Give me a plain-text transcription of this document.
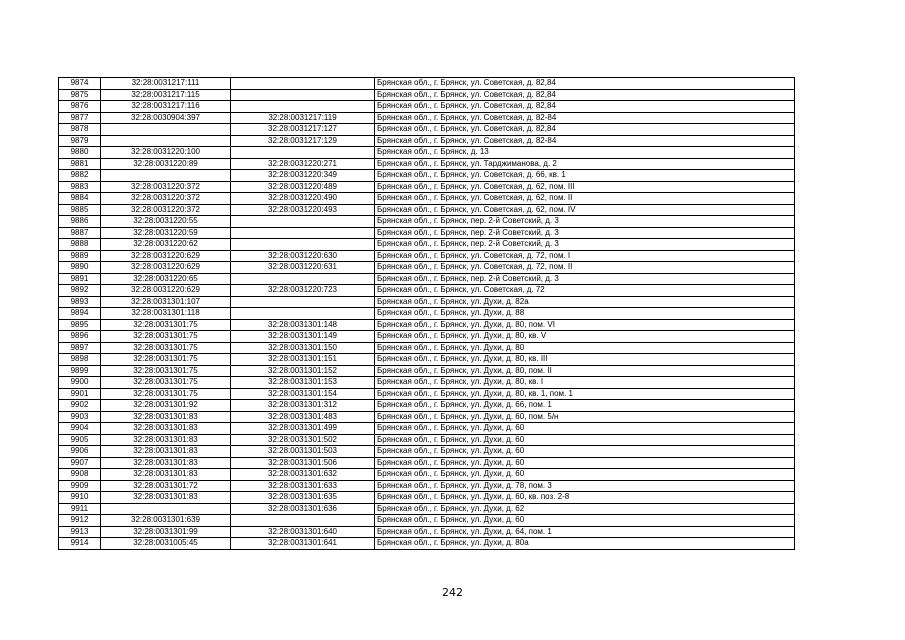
9874	32:28:0031217:111		Брянская обл., г. Брянск, ул. Советская, д. 82,84
9875	32:28:0031217:115		Брянская обл., г. Брянск, ул. Советская, д. 82,84
9876	32:28:0031217:116		Брянская обл., г. Брянск, ул. Советская, д. 82,84
9877	32:28:0030904:397	32:28:0031217:119	Брянская обл., г. Брянск, ул. Советская, д. 82-84
9878		32:28:0031217:127	Брянская обл., г. Брянск, ул. Советская, д. 82,84
9879		32:28:0031217:129	Брянская обл., г. Брянск, ул. Советская, д. 82-84
9880	32:28:0031220:100		Брянская обл., г. Брянск, д. 13
9881	32:28:0031220:89	32:28:0031220:271	Брянская обл., г. Брянск, ул. Тарджиманова, д. 2
9882		32:28:0031220:349	Брянская обл., г. Брянск, ул. Советская, д. 66, кв. 1
9883	32:28:0031220:372	32:28:0031220:489	Брянская обл., г. Брянск, ул. Советская, д. 62, пом. III
9884	32:28:0031220:372	32:28:0031220:490	Брянская обл., г. Брянск, ул. Советская, д. 62, пом. II
9885	32:28:0031220:372	32:28:0031220:493	Брянская обл., г. Брянск, ул. Советская, д. 62, пом. IV
9886	32:28:0031220:55		Брянская обл., г. Брянск, пер. 2-й Советский, д. 3
9887	32:28:0031220:59		Брянская обл., г. Брянск, пер. 2-й Советский, д. 3
9888	32:28:0031220:62		Брянская обл., г. Брянск, пер. 2-й Советский, д. 3
9889	32:28:0031220:629	32:28:0031220:630	Брянская обл., г. Брянск, ул. Советская, д. 72, пом. I
9890	32:28:0031220:629	32:28:0031220:631	Брянская обл., г. Брянск, ул. Советская, д. 72, пом. II
9891	32:28:0031220:65		Брянская обл., г. Брянск, пер. 2-й Советский, д. 3
9892	32:28:0031220:629	32:28:0031220:723	Брянская обл., г. Брянск, ул. Советская, д. 72
9893	32:28:0031301:107		Брянская обл., г. Брянск, ул. Духи, д. 82а
9894	32:28:0031301:118		Брянская обл., г. Брянск, ул. Духи, д. 88
9895	32:28:0031301:75	32:28:0031301:148	Брянская обл., г. Брянск, ул. Духи, д. 80, пом. VI
9896	32:28:0031301:75	32:28:0031301:149	Брянская обл., г. Брянск, ул. Духи, д. 80, кв. V
9897	32:28:0031301:75	32:28:0031301:150	Брянская обл., г. Брянск, ул. Духи, д. 80
9898	32:28:0031301:75	32:28:0031301:151	Брянская обл., г. Брянск, ул. Духи, д. 80, кв. III
9899	32:28:0031301:75	32:28:0031301:152	Брянская обл., г. Брянск, ул. Духи, д. 80, пом. II
9900	32:28:0031301:75	32:28:0031301:153	Брянская обл., г. Брянск, ул. Духи, д. 80, кв. I
9901	32:28:0031301:75	32:28:0031301:154	Брянская обл., г. Брянск, ул. Духи, д. 80, кв. 1, пом. 1
9902	32:28:0031301:92	32:28:0031301:312	Брянская обл., г. Брянск, ул. Духи, д. 66, пом. 1
9903	32:28:0031301:83	32:28:0031301:483	Брянская обл., г. Брянск, ул. Духи, д. 60, пом. 5/н
9904	32:28:0031301:83	32:28:0031301:499	Брянская обл., г. Брянск, ул. Духи, д. 60
9905	32:28:0031301:83	32:28:0031301:502	Брянская обл., г. Брянск, ул. Духи, д. 60
9906	32:28:0031301:83	32:28:0031301:503	Брянская обл., г. Брянск, ул. Духи, д. 60
9907	32:28:0031301:83	32:28:0031301:506	Брянская обл., г. Брянск, ул. Духи, д. 60
9908	32:28:0031301:83	32:28:0031301:632	Брянская обл., г. Брянск, ул. Духи, д. 60
9909	32:28:0031301:72	32:28:0031301:633	Брянская обл., г. Брянск, ул. Духи, д. 78, пом. 3
9910	32:28:0031301:83	32:28:0031301:635	Брянская обл., г. Брянск, ул. Духи, д. 60, кв. поз. 2-8
9911		32:28:0031301:636	Брянская обл., г. Брянск, ул. Духи, д. 62
9912	32:28:0031301:639		Брянская обл., г. Брянск, ул. Духи, д. 60
9913	32:28:0031301:99	32:28:0031301:640	Брянская обл., г. Брянск, ул. Духи, д. 64, пом. 1
9914	32:28:0031005:45	32:28:0031301:641	Брянская обл., г. Брянск, ул. Духи, д. 80а
242
